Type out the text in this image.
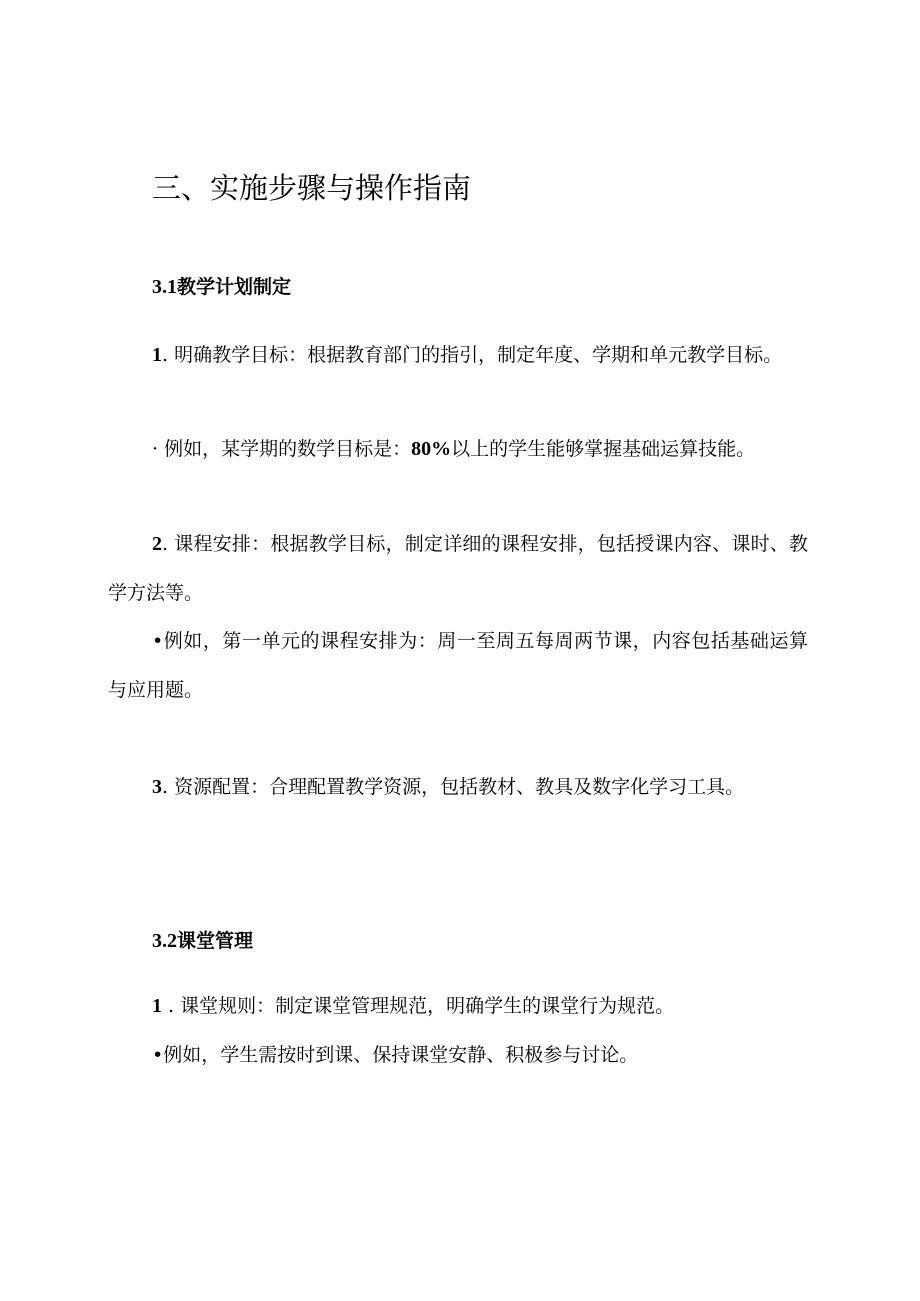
三、实施步骤与操作指南
3.1教学计划制定

1. 明确教学目标：根据教育部门的指引，制定年度、学期和单元教学目标。

· 例如，某学期的数学目标是：80%以上的学生能够掌握基础运算技能。

2. 课程安排：根据教学目标，制定详细的课程安排，包括授课内容、课时、教学方法等。

•例如，第一单元的课程安排为：周一至周五每周两节课，内容包括基础运算与应用题。

3. 资源配置：合理配置教学资源，包括教材、教具及数字化学习工具。

3.2课堂管理

1 . 课堂规则：制定课堂管理规范，明确学生的课堂行为规范。

•例如，学生需按时到课、保持课堂安静、积极参与讨论。
